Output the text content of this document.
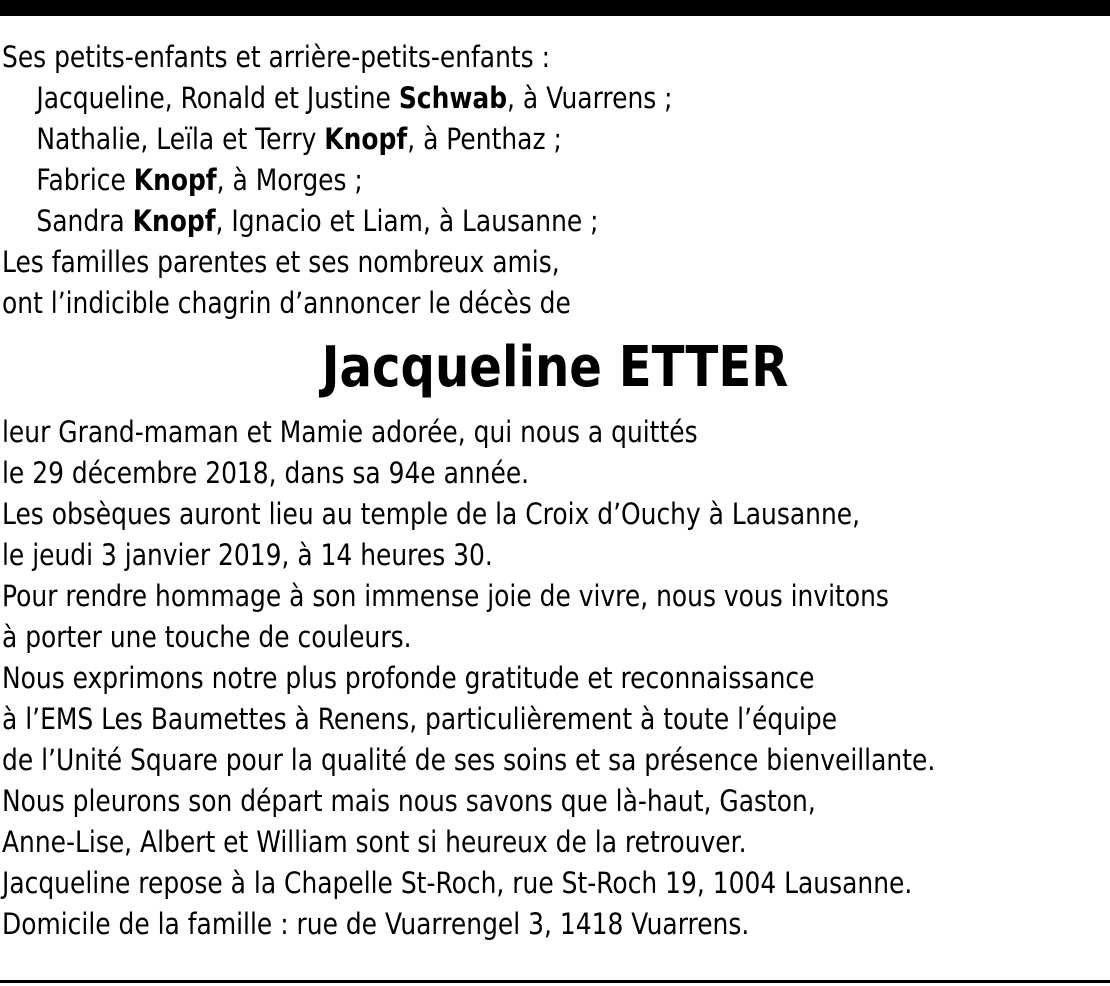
Ses petits-enfants et arrière-petits-enfants :
Jacqueline, Ronald et Justine Schwab, à Vuarrens ;
Nathalie, Leïla et Terry Knopf, à Penthaz ;
Fabrice Knopf, à Morges ;
Sandra Knopf, Ignacio et Liam, à Lausanne ;
Les familles parentes et ses nombreux amis,
ont l’indicible chagrin d’annoncer le décès de
Jacqueline ETTER
leur Grand-maman et Mamie adorée, qui nous a quittés
le 29 décembre 2018, dans sa 94e année.
Les obsèques auront lieu au temple de la Croix d’Ouchy à Lausanne,
le jeudi 3 janvier 2019, à 14 heures 30.
Pour rendre hommage à son immense joie de vivre, nous vous invitons
à porter une touche de couleurs.
Nous exprimons notre plus profonde gratitude et reconnaissance
à l’EMS Les Baumettes à Renens, particulièrement à toute l’équipe
de l’Unité Square pour la qualité de ses soins et sa présence bienveillante.
Nous pleurons son départ mais nous savons que là-haut, Gaston,
Anne-Lise, Albert et William sont si heureux de la retrouver.
Jacqueline repose à la Chapelle St-Roch, rue St-Roch 19, 1004 Lausanne.
Domicile de la famille : rue de Vuarrengel 3, 1418 Vuarrens.
